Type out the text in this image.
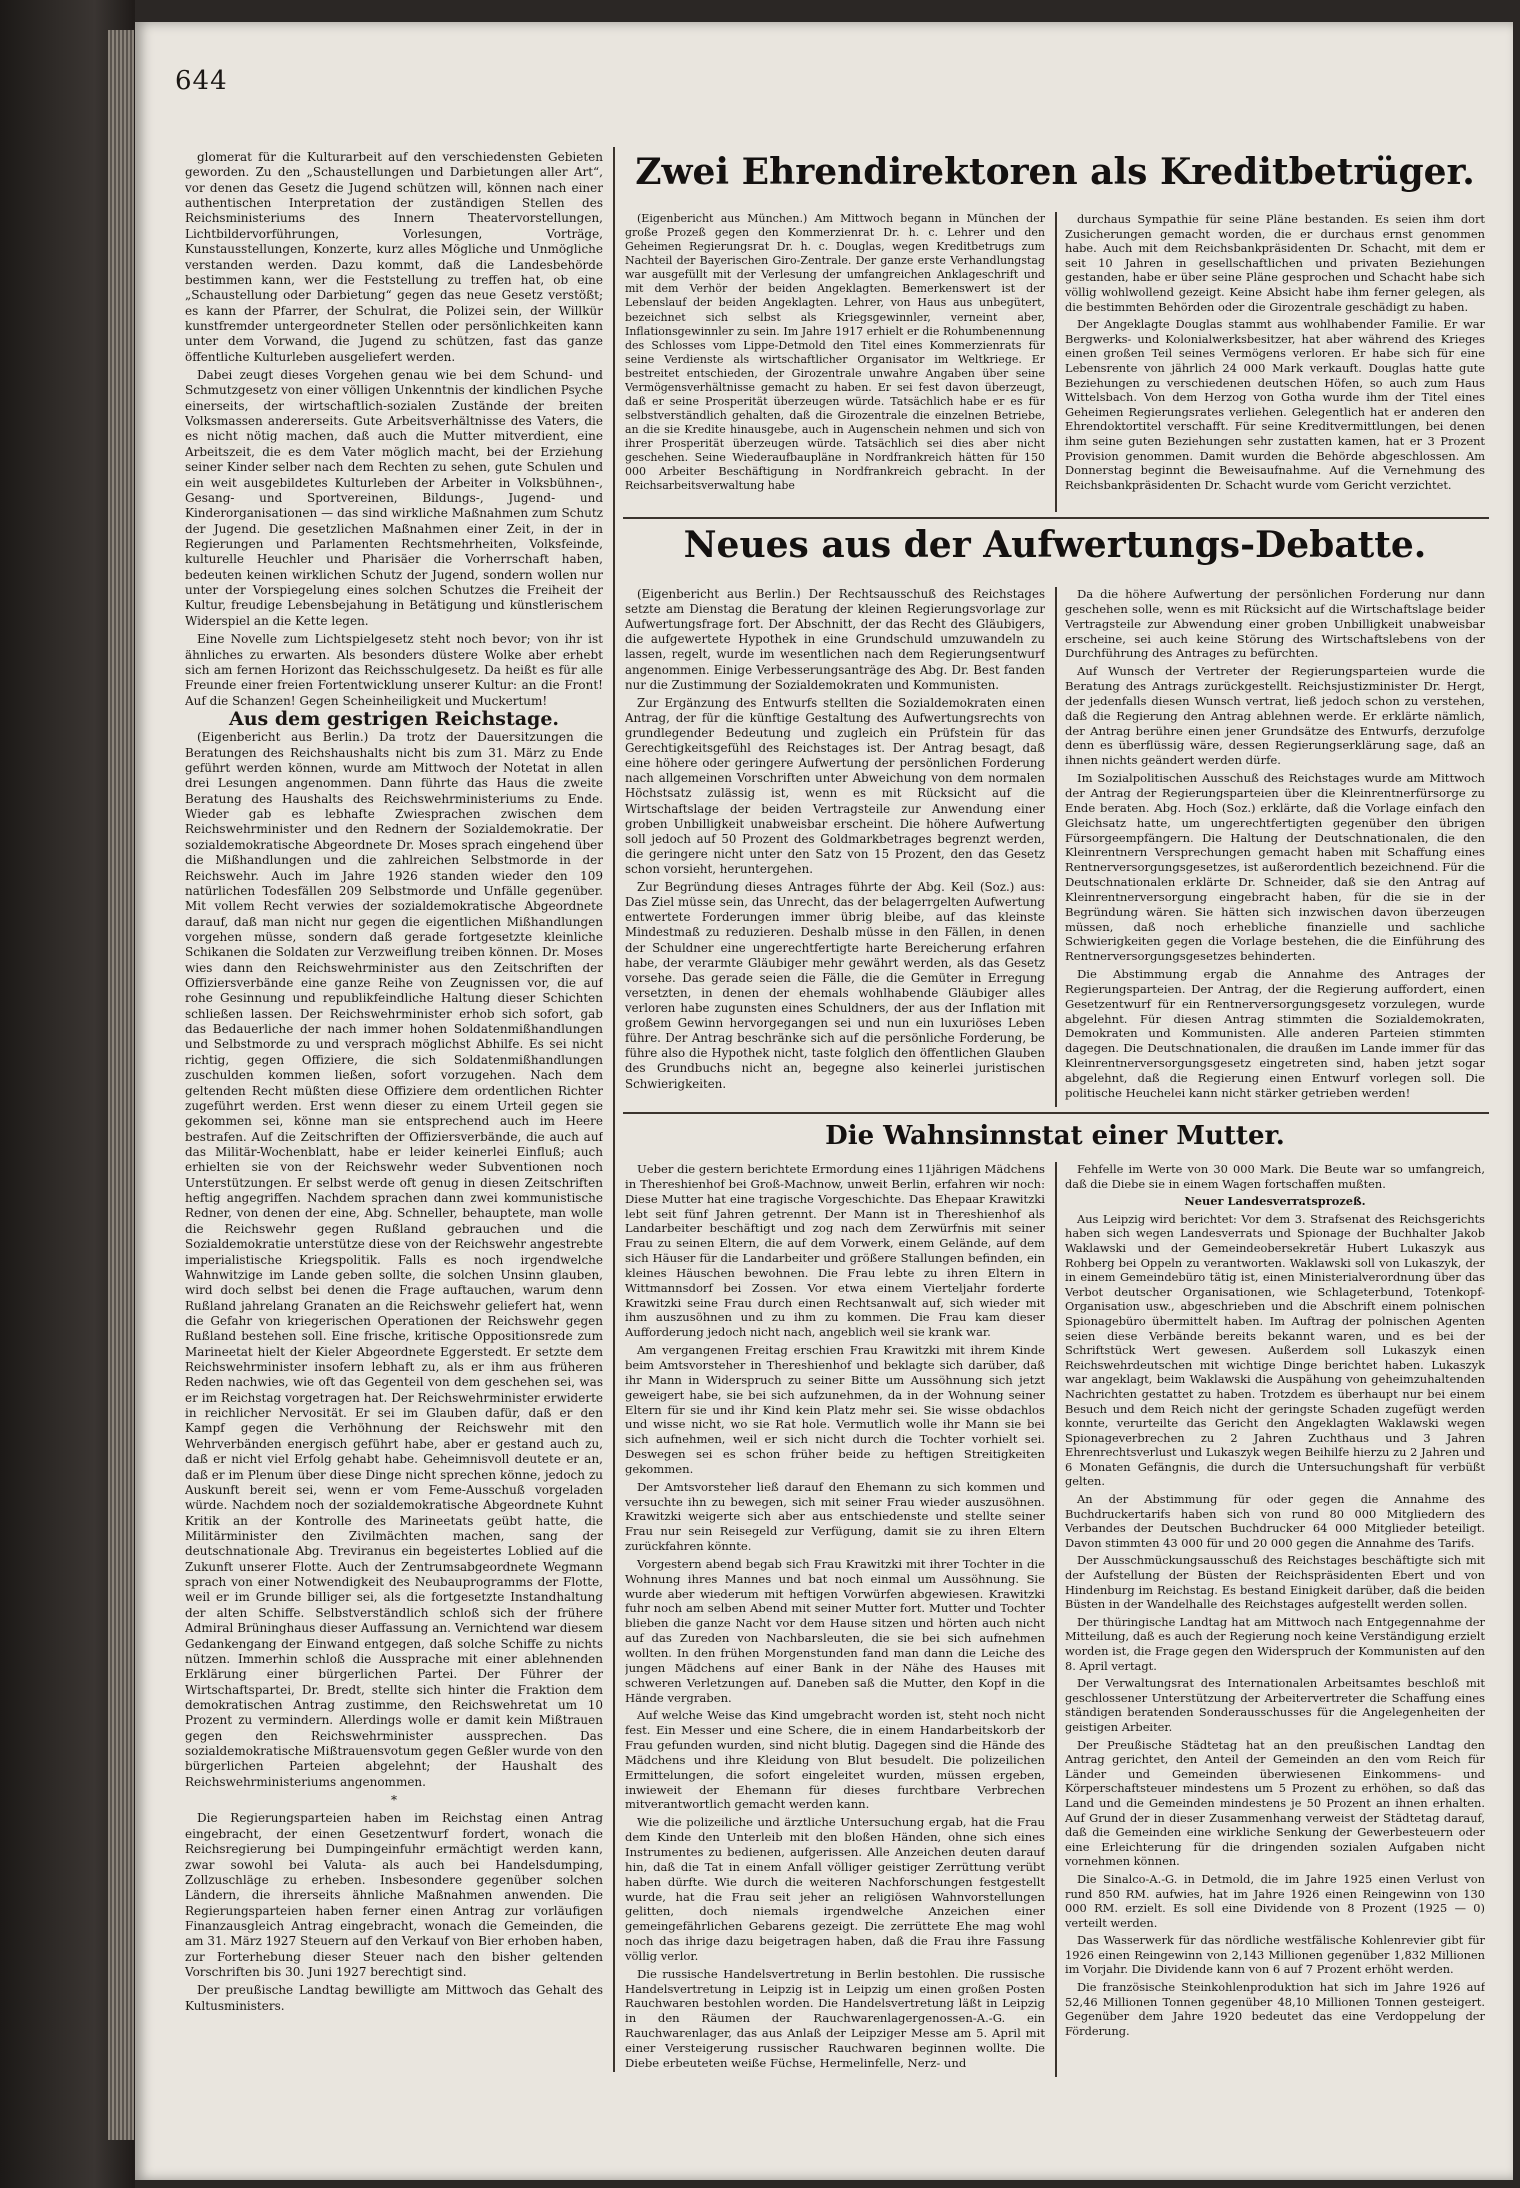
644

glomerat für die Kulturarbeit auf den verschiedensten Gebieten geworden. Zu den „Schaustellungen und Darbietungen aller Art“, vor denen das Gesetz die Jugend schützen will, können nach einer authentischen Interpretation der zuständigen Stellen des Reichsministeriums des Innern Theatervorstellungen, Lichtbildervorführungen, Vorlesungen, Vorträge, Kunstausstellungen, Konzerte, kurz alles Mögliche und Unmögliche verstanden werden. Dazu kommt, daß die Landesbehörde bestimmen kann, wer die Feststellung zu treffen hat, ob eine „Schaustellung oder Darbietung“ gegen das neue Gesetz verstößt; es kann der Pfarrer, der Schulrat, die Polizei sein, der Willkür kunstfremder untergeordneter Stellen oder persönlichkeiten kann unter dem Vorwand, die Jugend zu schützen, fast das ganze öffentliche Kulturleben ausgeliefert werden.

Dabei zeugt dieses Vorgehen genau wie bei dem Schund- und Schmutzgesetz von einer völligen Unkenntnis der kindlichen Psyche einerseits, der wirtschaftlich-sozialen Zustände der breiten Volksmassen andererseits. Gute Arbeitsverhältnisse des Vaters, die es nicht nötig machen, daß auch die Mutter mitverdient, eine Arbeitszeit, die es dem Vater möglich macht, bei der Erziehung seiner Kinder selber nach dem Rechten zu sehen, gute Schulen und ein weit ausgebildetes Kulturleben der Arbeiter in Volksbühnen-, Gesang- und Sportvereinen, Bildungs-, Jugend- und Kinderorganisationen — das sind wirkliche Maßnahmen zum Schutz der Jugend. Die gesetzlichen Maßnahmen einer Zeit, in der in Regierungen und Parlamenten Rechtsmehrheiten, Volksfeinde, kulturelle Heuchler und Pharisäer die Vorherrschaft haben, bedeuten keinen wirklichen Schutz der Jugend, sondern wollen nur unter der Vorspiegelung eines solchen Schutzes die Freiheit der Kultur, freudige Lebensbejahung in Betätigung und künstlerischem Widerspiel an die Kette legen.

Eine Novelle zum Lichtspielgesetz steht noch bevor; von ihr ist ähnliches zu erwarten. Als besonders düstere Wolke aber erhebt sich am fernen Horizont das Reichsschulgesetz. Da heißt es für alle Freunde einer freien Fortentwicklung unserer Kultur: an die Front! Auf die Schanzen! Gegen Scheinheiligkeit und Muckertum!

Aus dem gestrigen Reichstage.

(Eigenbericht aus Berlin.) Da trotz der Dauersitzungen die Beratungen des Reichshaushalts nicht bis zum 31. März zu Ende geführt werden können, wurde am Mittwoch der Notetat in allen drei Lesungen angenommen. Dann führte das Haus die zweite Beratung des Haushalts des Reichswehrministeriums zu Ende. Wieder gab es lebhafte Zwiesprachen zwischen dem Reichswehrminister und den Rednern der Sozialdemokratie. Der sozialdemokratische Abgeordnete Dr. Moses sprach eingehend über die Mißhandlungen und die zahlreichen Selbstmorde in der Reichswehr. Auch im Jahre 1926 standen wieder den 109 natürlichen Todesfällen 209 Selbstmorde und Unfälle gegenüber. Mit vollem Recht verwies der sozialdemokratische Abgeordnete darauf, daß man nicht nur gegen die eigentlichen Mißhandlungen vorgehen müsse, sondern daß gerade fortgesetzte kleinliche Schikanen die Soldaten zur Verzweiflung treiben können. Dr. Moses wies dann den Reichswehrminister aus den Zeitschriften der Offiziersverbände eine ganze Reihe von Zeugnissen vor, die auf rohe Gesinnung und republikfeindliche Haltung dieser Schichten schließen lassen. Der Reichswehrminister erhob sich sofort, gab das Bedauerliche der nach immer hohen Soldatenmißhandlungen und Selbstmorde zu und versprach möglichst Abhilfe. Es sei nicht richtig, gegen Offiziere, die sich Soldatenmißhandlungen zuschulden kommen ließen, sofort vorzugehen. Nach dem geltenden Recht müßten diese Offiziere dem ordentlichen Richter zugeführt werden. Erst wenn dieser zu einem Urteil gegen sie gekommen sei, könne man sie entsprechend auch im Heere bestrafen. Auf die Zeitschriften der Offiziersverbände, die auch auf das Militär-Wochenblatt, habe er leider keinerlei Einfluß; auch erhielten sie von der Reichswehr weder Subventionen noch Unterstützungen. Er selbst werde oft genug in diesen Zeitschriften heftig angegriffen. Nachdem sprachen dann zwei kommunistische Redner, von denen der eine, Abg. Schneller, behauptete, man wolle die Reichswehr gegen Rußland gebrauchen und die Sozialdemokratie unterstütze diese von der Reichswehr angestrebte imperialistische Kriegspolitik. Falls es noch irgendwelche Wahnwitzige im Lande geben sollte, die solchen Unsinn glauben, wird doch selbst bei denen die Frage auftauchen, warum denn Rußland jahrelang Granaten an die Reichswehr geliefert hat, wenn die Gefahr von kriegerischen Operationen der Reichswehr gegen Rußland bestehen soll. Eine frische, kritische Oppositionsrede zum Marineetat hielt der Kieler Abgeordnete Eggerstedt. Er setzte dem Reichswehrminister insofern lebhaft zu, als er ihm aus früheren Reden nachwies, wie oft das Gegenteil von dem geschehen sei, was er im Reichstag vorgetragen hat. Der Reichswehrminister erwiderte in reichlicher Nervosität. Er sei im Glauben dafür, daß er den Kampf gegen die Verhöhnung der Reichswehr mit den Wehrverbänden energisch geführt habe, aber er gestand auch zu, daß er nicht viel Erfolg gehabt habe. Geheimnisvoll deutete er an, daß er im Plenum über diese Dinge nicht sprechen könne, jedoch zu Auskunft bereit sei, wenn er vom Feme-Ausschuß vorgeladen würde. Nachdem noch der sozialdemokratische Abgeordnete Kuhnt Kritik an der Kontrolle des Marineetats geübt hatte, die Militärminister den Zivilmächten machen, sang der deutschnationale Abg. Treviranus ein begeistertes Loblied auf die Zukunft unserer Flotte. Auch der Zentrumsabgeordnete Wegmann sprach von einer Notwendigkeit des Neubauprogramms der Flotte, weil er im Grunde billiger sei, als die fortgesetzte Instandhaltung der alten Schiffe. Selbstverständlich schloß sich der frühere Admiral Brüninghaus dieser Auffassung an. Vernichtend war diesem Gedankengang der Einwand entgegen, daß solche Schiffe zu nichts nützen. Immerhin schloß die Aussprache mit einer ablehnenden Erklärung einer bürgerlichen Partei. Der Führer der Wirtschaftspartei, Dr. Bredt, stellte sich hinter die Fraktion dem demokratischen Antrag zustimme, den Reichswehretat um 10 Prozent zu vermindern. Allerdings wolle er damit kein Mißtrauen gegen den Reichswehrminister aussprechen. Das sozialdemokratische Mißtrauensvotum gegen Geßler wurde von den bürgerlichen Parteien abgelehnt; der Haushalt des Reichswehrministeriums angenommen.

*

Die Regierungsparteien haben im Reichstag einen Antrag eingebracht, der einen Gesetzentwurf fordert, wonach die Reichsregierung bei Dumpingeinfuhr ermächtigt werden kann, zwar sowohl bei Valuta- als auch bei Handelsdumping, Zollzuschläge zu erheben. Insbesondere gegenüber solchen Ländern, die ihrerseits ähnliche Maßnahmen anwenden. Die Regierungsparteien haben ferner einen Antrag zur vorläufigen Finanzausgleich Antrag eingebracht, wonach die Gemeinden, die am 31. März 1927 Steuern auf den Verkauf von Bier erhoben haben, zur Forterhebung dieser Steuer nach den bisher geltenden Vorschriften bis 30. Juni 1927 berechtigt sind.

Der preußische Landtag bewilligte am Mittwoch das Gehalt des Kultusministers.

Zwei Ehrendirektoren als Kreditbetrüger.

(Eigenbericht aus München.) Am Mittwoch begann in München der große Prozeß gegen den Kommerzienrat Dr. h. c. Lehrer und den Geheimen Regierungsrat Dr. h. c. Douglas, wegen Kreditbetrugs zum Nachteil der Bayerischen Giro-Zentrale. Der ganze erste Verhandlungstag war ausgefüllt mit der Verlesung der umfangreichen Anklageschrift und mit dem Verhör der beiden Angeklagten. Bemerkenswert ist der Lebenslauf der beiden Angeklagten. Lehrer, von Haus aus unbegütert, bezeichnet sich selbst als Kriegsgewinnler, verneint aber, Inflationsgewinnler zu sein. Im Jahre 1917 erhielt er die Rohumbenennung des Schlosses vom Lippe-Detmold den Titel eines Kommerzienrats für seine Verdienste als wirtschaftlicher Organisator im Weltkriege. Er bestreitet entschieden, der Girozentrale unwahre Angaben über seine Vermögensverhältnisse gemacht zu haben. Er sei fest davon überzeugt, daß er seine Prosperität überzeugen würde. Tatsächlich habe er es für selbstverständlich gehalten, daß die Girozentrale die einzelnen Betriebe, an die sie Kredite hinausgebe, auch in Augenschein nehmen und sich von ihrer Prosperität überzeugen würde. Tatsächlich sei dies aber nicht geschehen. Seine Wiederaufbaupläne in Nordfrankreich hätten für 150 000 Arbeiter Beschäftigung in Nordfrankreich gebracht. In der Reichsarbeitsverwaltung habe

durchaus Sympathie für seine Pläne bestanden. Es seien ihm dort Zusicherungen gemacht worden, die er durchaus ernst genommen habe. Auch mit dem Reichsbankpräsidenten Dr. Schacht, mit dem er seit 10 Jahren in gesellschaftlichen und privaten Beziehungen gestanden, habe er über seine Pläne gesprochen und Schacht habe sich völlig wohlwollend gezeigt. Keine Absicht habe ihm ferner gelegen, als die bestimmten Behörden oder die Girozentrale geschädigt zu haben.

Der Angeklagte Douglas stammt aus wohlhabender Familie. Er war Bergwerks- und Kolonialwerksbesitzer, hat aber während des Krieges einen großen Teil seines Vermögens verloren. Er habe sich für eine Lebensrente von jährlich 24 000 Mark verkauft. Douglas hatte gute Beziehungen zu verschiedenen deutschen Höfen, so auch zum Haus Wittelsbach. Von dem Herzog von Gotha wurde ihm der Titel eines Geheimen Regierungsrates verliehen. Gelegentlich hat er anderen den Ehrendoktortitel verschafft. Für seine Kreditvermittlungen, bei denen ihm seine guten Beziehungen sehr zustatten kamen, hat er 3 Prozent Provision genommen. Damit wurden die Behörde abgeschlossen. Am Donnerstag beginnt die Beweisaufnahme. Auf die Vernehmung des Reichsbankpräsidenten Dr. Schacht wurde vom Gericht verzichtet.

Neues aus der Aufwertungs-Debatte.

(Eigenbericht aus Berlin.) Der Rechtsausschuß des Reichstages setzte am Dienstag die Beratung der kleinen Regierungsvorlage zur Aufwertungsfrage fort. Der Abschnitt, der das Recht des Gläubigers, die aufgewertete Hypothek in eine Grundschuld umzuwandeln zu lassen, regelt, wurde im wesentlichen nach dem Regierungsentwurf angenommen. Einige Verbesserungsanträge des Abg. Dr. Best fanden nur die Zustimmung der Sozialdemokraten und Kommunisten.

Zur Ergänzung des Entwurfs stellten die Sozialdemokraten einen Antrag, der für die künftige Gestaltung des Aufwertungsrechts von grundlegender Bedeutung und zugleich ein Prüfstein für das Gerechtigkeitsgefühl des Reichstages ist. Der Antrag besagt, daß eine höhere oder geringere Aufwertung der persönlichen Forderung nach allgemeinen Vorschriften unter Abweichung von dem normalen Höchstsatz zulässig ist, wenn es mit Rücksicht auf die Wirtschaftslage der beiden Vertragsteile zur Anwendung einer groben Unbilligkeit unabweisbar erscheint. Die höhere Aufwertung soll jedoch auf 50 Prozent des Goldmarkbetrages begrenzt werden, die geringere nicht unter den Satz von 15 Prozent, den das Gesetz schon vorsieht, heruntergehen.

Zur Begründung dieses Antrages führte der Abg. Keil (Soz.) aus: Das Ziel müsse sein, das Unrecht, das der belagerrgelten Aufwertung entwertete Forderungen immer übrig bleibe, auf das kleinste Mindestmaß zu reduzieren. Deshalb müsse in den Fällen, in denen der Schuldner eine ungerechtfertigte harte Bereicherung erfahren habe, der verarmte Gläubiger mehr gewährt werden, als das Gesetz vorsehe. Das gerade seien die Fälle, die die Gemüter in Erregung versetzten, in denen der ehemals wohlhabende Gläubiger alles verloren habe zugunsten eines Schuldners, der aus der Inflation mit großem Gewinn hervorgegangen sei und nun ein luxuriöses Leben führe. Der Antrag beschränke sich auf die persönliche Forderung, be führe also die Hypothek nicht, taste folglich den öffentlichen Glauben des Grundbuchs nicht an, begegne also keinerlei juristischen Schwierigkeiten.

Da die höhere Aufwertung der persönlichen Forderung nur dann geschehen solle, wenn es mit Rücksicht auf die Wirtschaftslage beider Vertragsteile zur Abwendung einer groben Unbilligkeit unabweisbar erscheine, sei auch keine Störung des Wirtschaftslebens von der Durchführung des Antrages zu befürchten.

Auf Wunsch der Vertreter der Regierungsparteien wurde die Beratung des Antrags zurückgestellt. Reichsjustizminister Dr. Hergt, der jedenfalls diesen Wunsch vertrat, ließ jedoch schon zu verstehen, daß die Regierung den Antrag ablehnen werde. Er erklärte nämlich, der Antrag berühre einen jener Grundsätze des Entwurfs, derzufolge denn es überflüssig wäre, dessen Regierungserklärung sage, daß an ihnen nichts geändert werden dürfe.

Im Sozialpolitischen Ausschuß des Reichstages wurde am Mittwoch der Antrag der Regierungsparteien über die Kleinrentnerfürsorge zu Ende beraten. Abg. Hoch (Soz.) erklärte, daß die Vorlage einfach den Gleichsatz hatte, um ungerechtfertigten gegenüber den übrigen Fürsorgeempfängern. Die Haltung der Deutschnationalen, die den Kleinrentnern Versprechungen gemacht haben mit Schaffung eines Rentnerversorgungsgesetzes, ist außerordentlich bezeichnend. Für die Deutschnationalen erklärte Dr. Schneider, daß sie den Antrag auf Kleinrentnerversorgung eingebracht haben, für die sie in der Begründung wären. Sie hätten sich inzwischen davon überzeugen müssen, daß noch erhebliche finanzielle und sachliche Schwierigkeiten gegen die Vorlage bestehen, die die Einführung des Rentnerversorgungsgesetzes behinderten.

Die Abstimmung ergab die Annahme des Antrages der Regierungsparteien. Der Antrag, der die Regierung auffordert, einen Gesetzentwurf für ein Rentnerversorgungsgesetz vorzulegen, wurde abgelehnt. Für diesen Antrag stimmten die Sozialdemokraten, Demokraten und Kommunisten. Alle anderen Parteien stimmten dagegen. Die Deutschnationalen, die draußen im Lande immer für das Kleinrentnerversorgungsgesetz eingetreten sind, haben jetzt sogar abgelehnt, daß die Regierung einen Entwurf vorlegen soll. Die politische Heuchelei kann nicht stärker getrieben werden!

Die Wahnsinnstat einer Mutter.

Ueber die gestern berichtete Ermordung eines 11jährigen Mädchens in Thereshienhof bei Groß-Machnow, unweit Berlin, erfahren wir noch: Diese Mutter hat eine tragische Vorgeschichte. Das Ehepaar Krawitzki lebt seit fünf Jahren getrennt. Der Mann ist in Thereshienhof als Landarbeiter beschäftigt und zog nach dem Zerwürfnis mit seiner Frau zu seinen Eltern, die auf dem Vorwerk, einem Gelände, auf dem sich Häuser für die Landarbeiter und größere Stallungen befinden, ein kleines Häuschen bewohnen. Die Frau lebte zu ihren Eltern in Wittmannsdorf bei Zossen. Vor etwa einem Vierteljahr forderte Krawitzki seine Frau durch einen Rechtsanwalt auf, sich wieder mit ihm auszusöhnen und zu ihm zu kommen. Die Frau kam dieser Aufforderung jedoch nicht nach, angeblich weil sie krank war.

Am vergangenen Freitag erschien Frau Krawitzki mit ihrem Kinde beim Amtsvorsteher in Thereshienhof und beklagte sich darüber, daß ihr Mann in Widerspruch zu seiner Bitte um Aussöhnung sich jetzt geweigert habe, sie bei sich aufzunehmen, da in der Wohnung seiner Eltern für sie und ihr Kind kein Platz mehr sei. Sie wisse obdachlos und wisse nicht, wo sie Rat hole. Vermutlich wolle ihr Mann sie bei sich aufnehmen, weil er sich nicht durch die Tochter vorhielt sei. Deswegen sei es schon früher beide zu heftigen Streitigkeiten gekommen.

Der Amtsvorsteher ließ darauf den Ehemann zu sich kommen und versuchte ihn zu bewegen, sich mit seiner Frau wieder auszusöhnen. Krawitzki weigerte sich aber aus entschiedenste und stellte seiner Frau nur sein Reisegeld zur Verfügung, damit sie zu ihren Eltern zurückfahren könnte.

Vorgestern abend begab sich Frau Krawitzki mit ihrer Tochter in die Wohnung ihres Mannes und bat noch einmal um Aussöhnung. Sie wurde aber wiederum mit heftigen Vorwürfen abgewiesen. Krawitzki fuhr noch am selben Abend mit seiner Mutter fort. Mutter und Tochter blieben die ganze Nacht vor dem Hause sitzen und hörten auch nicht auf das Zureden von Nachbarsleuten, die sie bei sich aufnehmen wollten. In den frühen Morgenstunden fand man dann die Leiche des jungen Mädchens auf einer Bank in der Nähe des Hauses mit schweren Verletzungen auf. Daneben saß die Mutter, den Kopf in die Hände vergraben.

Auf welche Weise das Kind umgebracht worden ist, steht noch nicht fest. Ein Messer und eine Schere, die in einem Handarbeitskorb der Frau gefunden wurden, sind nicht blutig. Dagegen sind die Hände des Mädchens und ihre Kleidung von Blut besudelt. Die polizeilichen Ermittelungen, die sofort eingeleitet wurden, müssen ergeben, inwieweit der Ehemann für dieses furchtbare Verbrechen mitverantwortlich gemacht werden kann.

Wie die polizeiliche und ärztliche Untersuchung ergab, hat die Frau dem Kinde den Unterleib mit den bloßen Händen, ohne sich eines Instrumentes zu bedienen, aufgerissen. Alle Anzeichen deuten darauf hin, daß die Tat in einem Anfall völliger geistiger Zerrüttung verübt haben dürfte. Wie durch die weiteren Nachforschungen festgestellt wurde, hat die Frau seit jeher an religiösen Wahnvorstellungen gelitten, doch niemals irgendwelche Anzeichen einer gemeingefährlichen Gebarens gezeigt. Die zerrüttete Ehe mag wohl noch das ihrige dazu beigetragen haben, daß die Frau ihre Fassung völlig verlor.

Die russische Handelsvertretung in Berlin bestohlen. Die russische Handelsvertretung in Leipzig ist in Leipzig um einen großen Posten Rauchwaren bestohlen worden. Die Handelsvertretung läßt in Leipzig in den Räumen der Rauchwarenlagergenossen-A.-G. ein Rauchwarenlager, das aus Anlaß der Leipziger Messe am 5. April mit einer Versteigerung russischer Rauchwaren beginnen wollte. Die Diebe erbeuteten weiße Füchse, Hermelinfelle, Nerz- und

Fehfelle im Werte von 30 000 Mark. Die Beute war so umfangreich, daß die Diebe sie in einem Wagen fortschaffen mußten.

Neuer Landesverratsprozeß.

Aus Leipzig wird berichtet: Vor dem 3. Strafsenat des Reichsgerichts haben sich wegen Landesverrats und Spionage der Buchhalter Jakob Waklawski und der Gemeindeobersekretär Hubert Lukaszyk aus Rohberg bei Oppeln zu verantworten. Waklawski soll von Lukaszyk, der in einem Gemeindebüro tätig ist, einen Ministerialverordnung über das Verbot deutscher Organisationen, wie Schlageterbund, Totenkopf-Organisation usw., abgeschrieben und die Abschrift einem polnischen Spionagebüro übermittelt haben. Im Auftrag der polnischen Agenten seien diese Verbände bereits bekannt waren, und es bei der Schriftstück Wert gewesen. Außerdem soll Lukaszyk einen Reichswehrdeutschen mit wichtige Dinge berichtet haben. Lukaszyk war angeklagt, beim Waklawski die Auspähung von geheimzuhaltenden Nachrichten gestattet zu haben. Trotzdem es überhaupt nur bei einem Besuch und dem Reich nicht der geringste Schaden zugefügt werden konnte, verurteilte das Gericht den Angeklagten Waklawski wegen Spionageverbrechen zu 2 Jahren Zuchthaus und 3 Jahren Ehrenrechtsverlust und Lukaszyk wegen Beihilfe hierzu zu 2 Jahren und 6 Monaten Gefängnis, die durch die Untersuchungshaft für verbüßt gelten.

An der Abstimmung für oder gegen die Annahme des Buchdruckertarifs haben sich von rund 80 000 Mitgliedern des Verbandes der Deutschen Buchdrucker 64 000 Mitglieder beteiligt. Davon stimmten 43 000 für und 20 000 gegen die Annahme des Tarifs.

Der Ausschmückungsausschuß des Reichstages beschäftigte sich mit der Aufstellung der Büsten der Reichspräsidenten Ebert und von Hindenburg im Reichstag. Es bestand Einigkeit darüber, daß die beiden Büsten in der Wandelhalle des Reichstages aufgestellt werden sollen.

Der thüringische Landtag hat am Mittwoch nach Entgegennahme der Mitteilung, daß es auch der Regierung noch keine Verständigung erzielt worden ist, die Frage gegen den Widerspruch der Kommunisten auf den 8. April vertagt.

Der Verwaltungsrat des Internationalen Arbeitsamtes beschloß mit geschlossener Unterstützung der Arbeitervertreter die Schaffung eines ständigen beratenden Sonderausschusses für die Angelegenheiten der geistigen Arbeiter.

Der Preußische Städtetag hat an den preußischen Landtag den Antrag gerichtet, den Anteil der Gemeinden an den vom Reich für Länder und Gemeinden überwiesenen Einkommens- und Körperschaftsteuer mindestens um 5 Prozent zu erhöhen, so daß das Land und die Gemeinden mindestens je 50 Prozent an ihnen erhalten. Auf Grund der in dieser Zusammenhang verweist der Städtetag darauf, daß die Gemeinden eine wirkliche Senkung der Gewerbesteuern oder eine Erleichterung für die dringenden sozialen Aufgaben nicht vornehmen können.

Die Sinalco-A.-G. in Detmold, die im Jahre 1925 einen Verlust von rund 850 RM. aufwies, hat im Jahre 1926 einen Reingewinn von 130 000 RM. erzielt. Es soll eine Dividende von 8 Prozent (1925 — 0) verteilt werden.

Das Wasserwerk für das nördliche westfälische Kohlenrevier gibt für 1926 einen Reingewinn von 2,143 Millionen gegenüber 1,832 Millionen im Vorjahr. Die Dividende kann von 6 auf 7 Prozent erhöht werden.

Die französische Steinkohlenproduktion hat sich im Jahre 1926 auf 52,46 Millionen Tonnen gegenüber 48,10 Millionen Tonnen gesteigert. Gegenüber dem Jahre 1920 bedeutet das eine Verdoppelung der Förderung.
